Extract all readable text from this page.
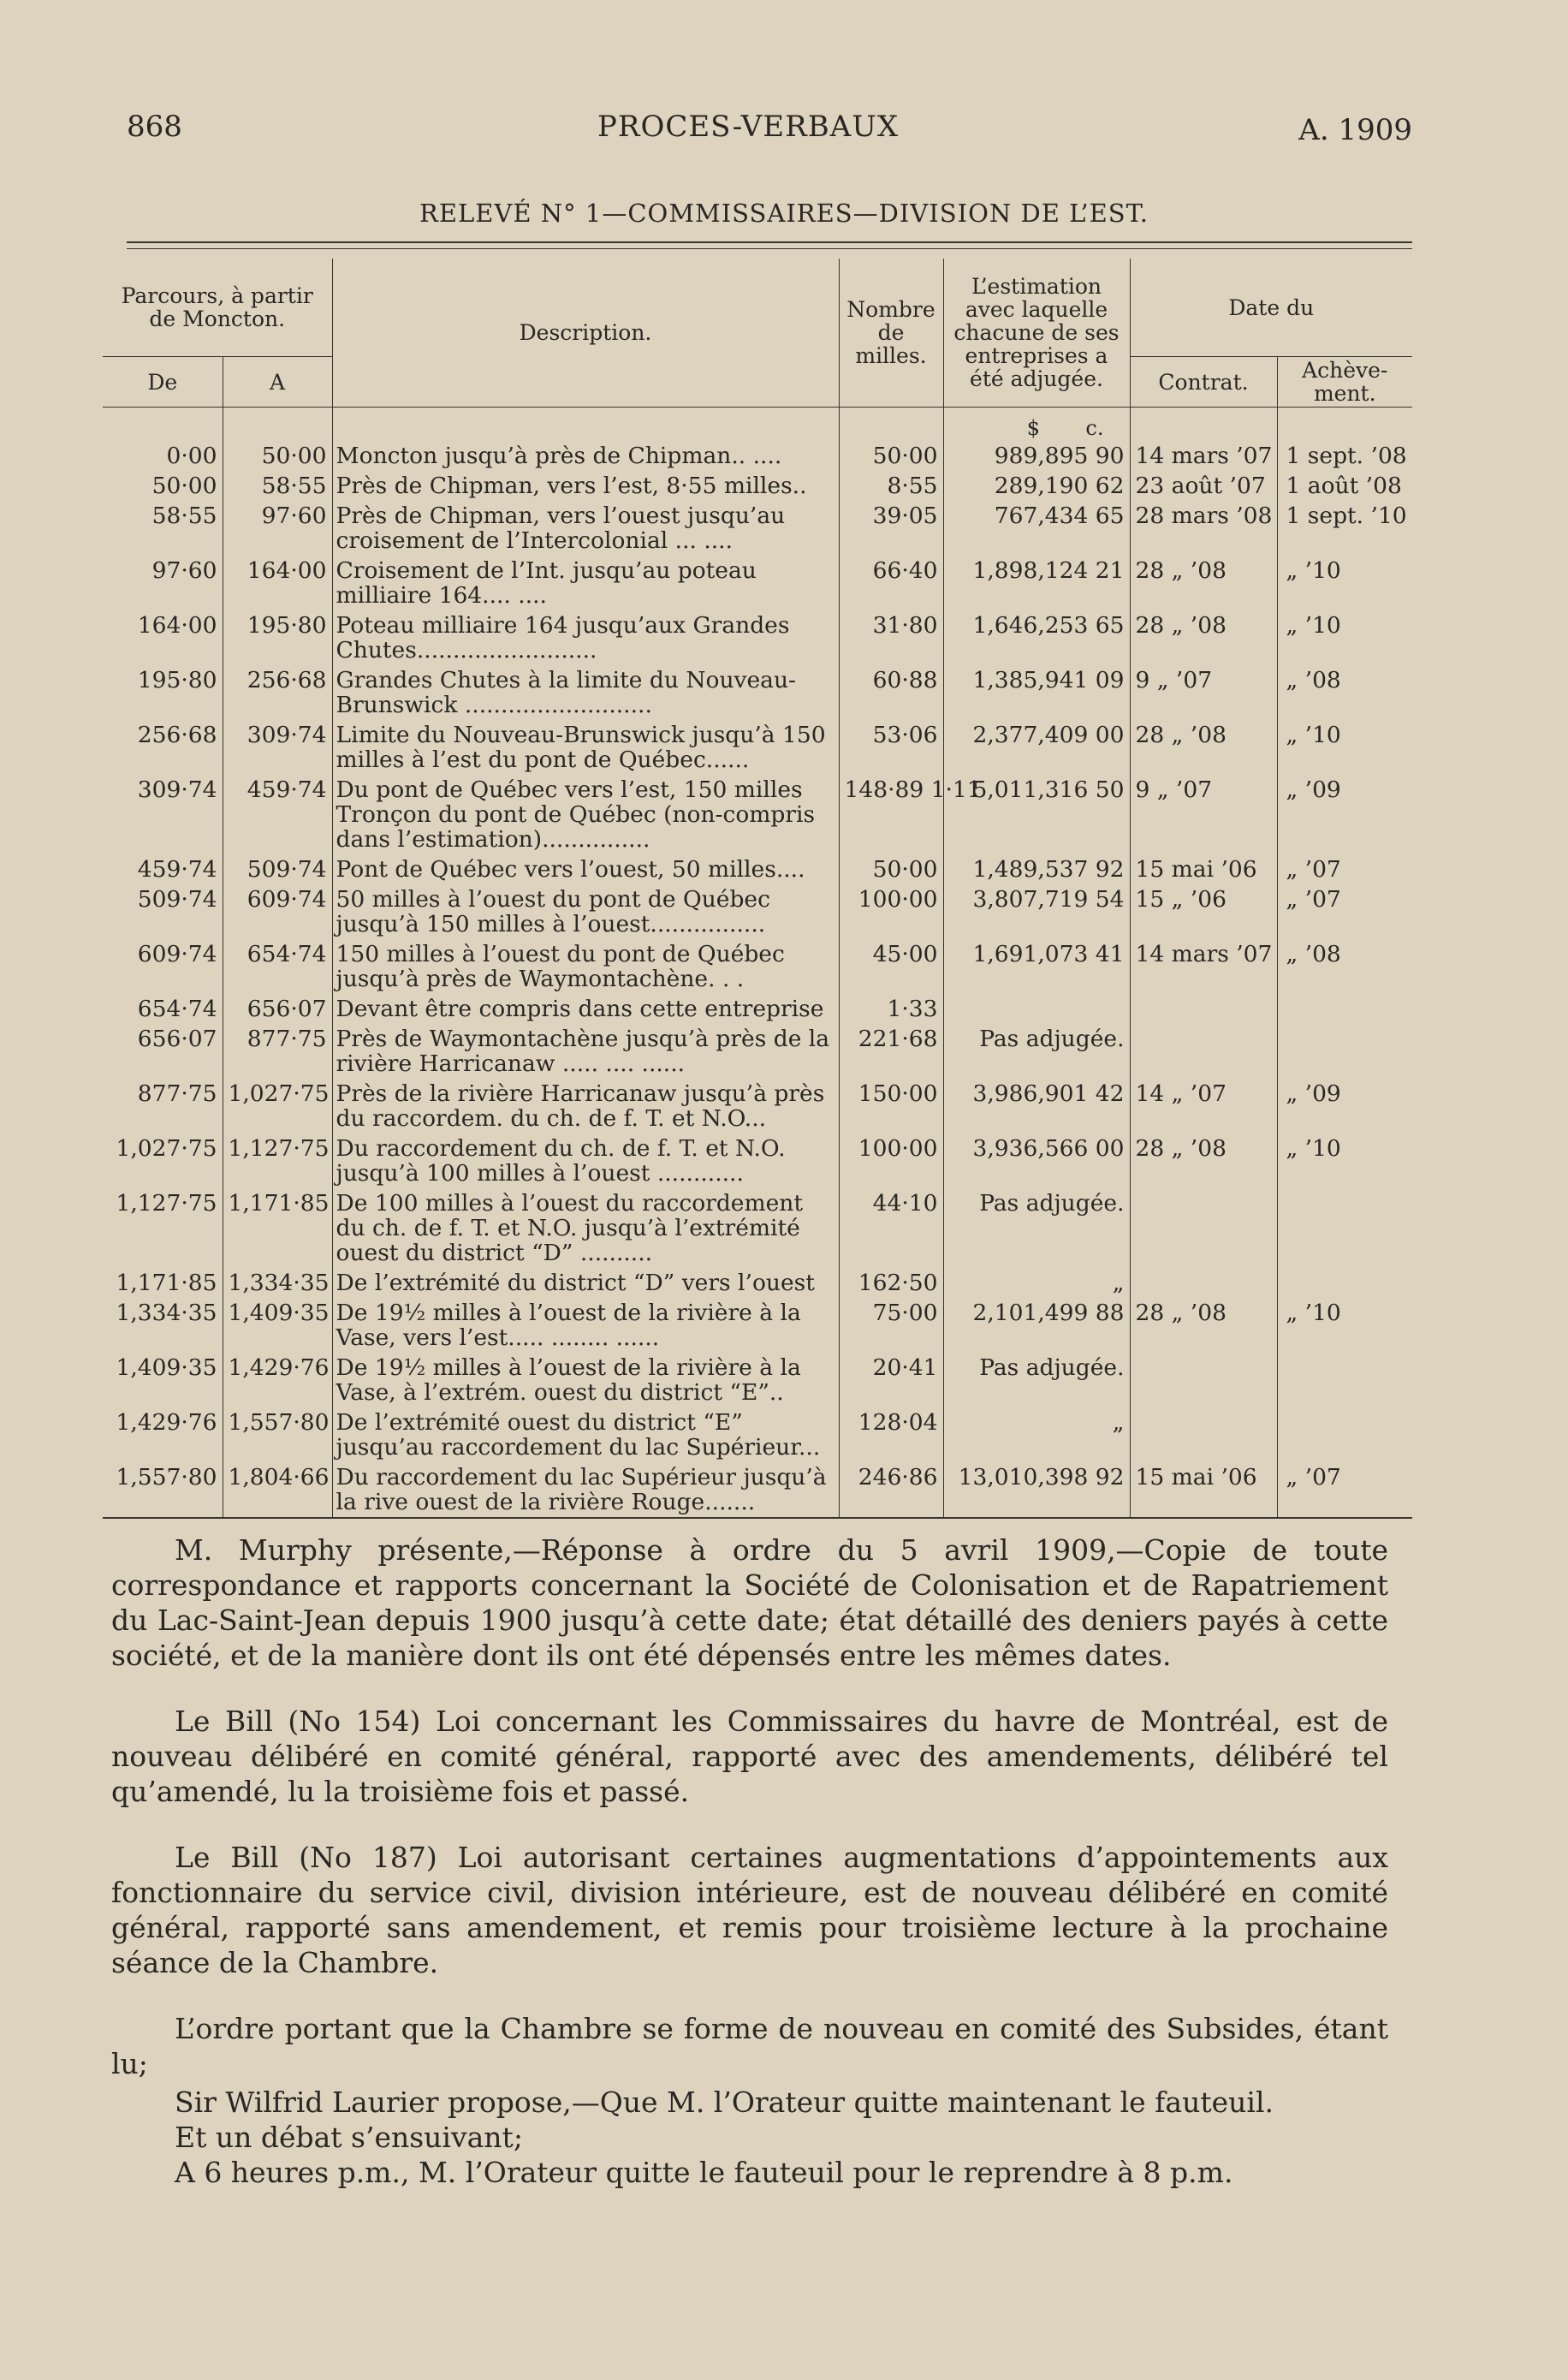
868	PROCES-VERBAUX	A. 1909
RELEVÉ N° 1—COMMISSAIRES—DIVISION DE L’EST.
Parcours, à partir de Moncton.		Description.	Nombre de milles.	L’estimation avec laquelle chacune de ses entreprises a été adjugée.	Date du	
De	A				Contrat.	Achève-ment.
				$ c.		
0·00	50·00	Moncton jusqu’à près de Chipman.. ....	50·00	989,895 90	14 mars ’07	1 sept. ’08
50·00	58·55	Près de Chipman, vers l’est, 8·55 milles..	8·55	289,190 62	23 août ’07	1 août ’08
58·55	97·60	Près de Chipman, vers l’ouest jusqu’au croisement de l’Intercolonial ... ....	39·05	767,434 65	28 mars ’08	1 sept. ’10
97·60	164·00	Croisement de l’Int. jusqu’au poteau milliaire 164.... ....	66·40	1,898,124 21	28 „ ’08	„ ’10
164·00	195·80	Poteau milliaire 164 jusqu’aux Grandes Chutes.........................	31·80	1,646,253 65	28 „ ’08	„ ’10
195·80	256·68	Grandes Chutes à la limite du Nouveau-Brunswick ..........................	60·88	1,385,941 09	9 „ ’07	„ ’08
256·68	309·74	Limite du Nouveau-Brunswick jusqu’à 150 milles à l’est du pont de Québec......	53·06	2,377,409 00	28 „ ’08	„ ’10
309·74	459·74	Du pont de Québec vers l’est, 150 milles Tronçon du pont de Québec (non-compris dans l’estimation)...............	148·89 1·11	5,011,316 50	9 „ ’07	„ ’09
459·74	509·74	Pont de Québec vers l’ouest, 50 milles....	50·00	1,489,537 92	15 mai ’06	„ ’07
509·74	609·74	50 milles à l’ouest du pont de Québec jusqu’à 150 milles à l’ouest................	100·00	3,807,719 54	15 „ ’06	„ ’07
609·74	654·74	150 milles à l’ouest du pont de Québec jusqu’à près de Waymontachène. . .	45·00	1,691,073 41	14 mars ’07	„ ’08
654·74	656·07	Devant être compris dans cette entreprise	1·33			
656·07	877·75	Près de Waymontachène jusqu’à près de la rivière Harricanaw ..... .... ......	221·68	Pas adjugée.		
877·75	1,027·75	Près de la rivière Harricanaw jusqu’à près du raccordem. du ch. de f. T. et N.O...	150·00	3,986,901 42	14 „ ’07	„ ’09
1,027·75	1,127·75	Du raccordement du ch. de f. T. et N.O. jusqu’à 100 milles à l’ouest ............	100·00	3,936,566 00	28 „ ’08	„ ’10
1,127·75	1,171·85	De 100 milles à l’ouest du raccordement du ch. de f. T. et N.O. jusqu’à l’extrémité ouest du district “D” ..........	44·10	Pas adjugée.		
1,171·85	1,334·35	De l’extrémité du district “D” vers l’ouest	162·50	„		
1,334·35	1,409·35	De 19½ milles à l’ouest de la rivière à la Vase, vers l’est..... ........ ......	75·00	2,101,499 88	28 „ ’08	„ ’10
1,409·35	1,429·76	De 19½ milles à l’ouest de la rivière à la Vase, à l’extrém. ouest du district “E”..	20·41	Pas adjugée.		
1,429·76	1,557·80	De l’extrémité ouest du district “E” jusqu’au raccordement du lac Supérieur...	128·04	„		
1,557·80	1,804·66	Du raccordement du lac Supérieur jusqu’à la rive ouest de la rivière Rouge.......	246·86	13,010,398 92	15 mai ’06	„ ’07

M. Murphy présente,—Réponse à ordre du 5 avril 1909,—Copie de toute correspondance et rapports concernant la Société de Colonisation et de Rapatriement du Lac-Saint-Jean depuis 1900 jusqu’à cette date; état détaillé des deniers payés à cette société, et de la manière dont ils ont été dépensés entre les mêmes dates.

Le Bill (No 154) Loi concernant les Commissaires du havre de Montréal, est de nouveau délibéré en comité général, rapporté avec des amendements, délibéré tel qu’amendé, lu la troisième fois et passé.

Le Bill (No 187) Loi autorisant certaines augmentations d’appointements aux fonctionnaire du service civil, division intérieure, est de nouveau délibéré en comité général, rapporté sans amendement, et remis pour troisième lecture à la prochaine séance de la Chambre.

L’ordre portant que la Chambre se forme de nouveau en comité des Subsides, étant lu;

Sir Wilfrid Laurier propose,—Que M. l’Orateur quitte maintenant le fauteuil.

Et un débat s’ensuivant;

A 6 heures p.m., M. l’Orateur quitte le fauteuil pour le reprendre à 8 p.m.
